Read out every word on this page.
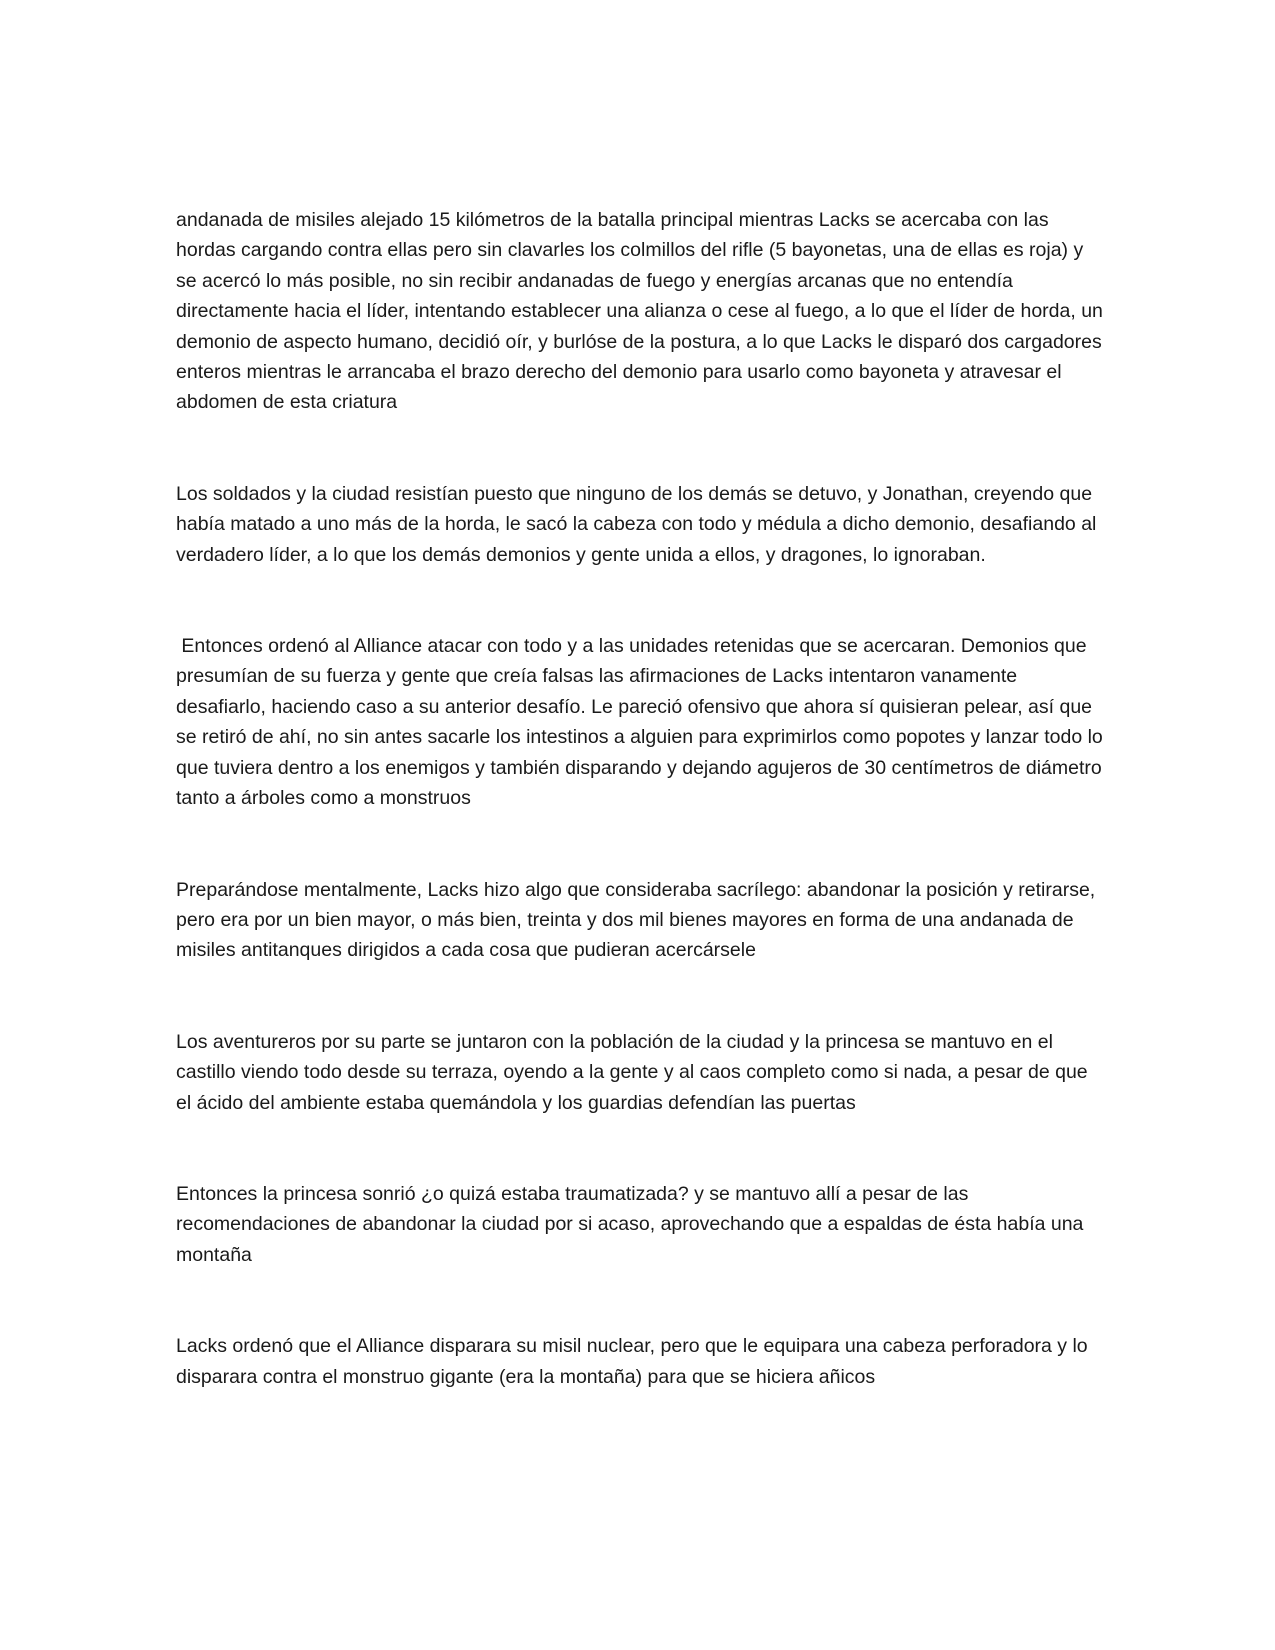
andanada de misiles alejado 15 kilómetros de la batalla principal mientras Lacks se acercaba con las hordas cargando contra ellas pero sin clavarles los colmillos del rifle (5 bayonetas, una de ellas es roja) y se acercó lo más posible, no sin recibir andanadas de fuego y energías arcanas que no entendía directamente hacia el líder, intentando establecer una alianza o cese al fuego, a lo que el líder de horda, un demonio de aspecto humano, decidió oír, y burlóse de la postura, a lo que Lacks le disparó dos cargadores enteros mientras le arrancaba el brazo derecho del demonio para usarlo como bayoneta y atravesar el abdomen de esta criatura

Los soldados y la ciudad resistían puesto que ninguno de los demás se detuvo, y Jonathan, creyendo que había matado a uno más de la horda, le sacó la cabeza con todo y médula a dicho demonio, desafiando al verdadero líder, a lo que los demás demonios y gente unida a ellos, y dragones, lo ignoraban.

Entonces ordenó al Alliance atacar con todo y a las unidades retenidas que se acercaran. Demonios que presumían de su fuerza y gente que creía falsas las afirmaciones de Lacks intentaron vanamente desafiarlo, haciendo caso a su anterior desafío. Le pareció ofensivo que ahora sí quisieran pelear, así que se retiró de ahí, no sin antes sacarle los intestinos a alguien para exprimirlos como popotes y lanzar todo lo que tuviera dentro a los enemigos y también disparando y dejando agujeros de 30 centímetros de diámetro tanto a árboles como a monstruos

Preparándose mentalmente, Lacks hizo algo que consideraba sacrílego: abandonar la posición y retirarse, pero era por un bien mayor, o más bien, treinta y dos mil bienes mayores en forma de una andanada de misiles antitanques dirigidos a cada cosa que pudieran acercársele

Los aventureros por su parte se juntaron con la población de la ciudad y la princesa se mantuvo en el castillo viendo todo desde su terraza, oyendo a la gente y al caos completo como si nada, a pesar de que el ácido del ambiente estaba quemándola y los guardias defendían las puertas

Entonces la princesa sonrió ¿o quizá estaba traumatizada? y se mantuvo allí a pesar de las recomendaciones de abandonar la ciudad por si acaso, aprovechando que a espaldas de ésta había una montaña

Lacks ordenó que el Alliance disparara su misil nuclear, pero que le equipara una cabeza perforadora y lo disparara contra el monstruo gigante (era la montaña) para que se hiciera añicos
